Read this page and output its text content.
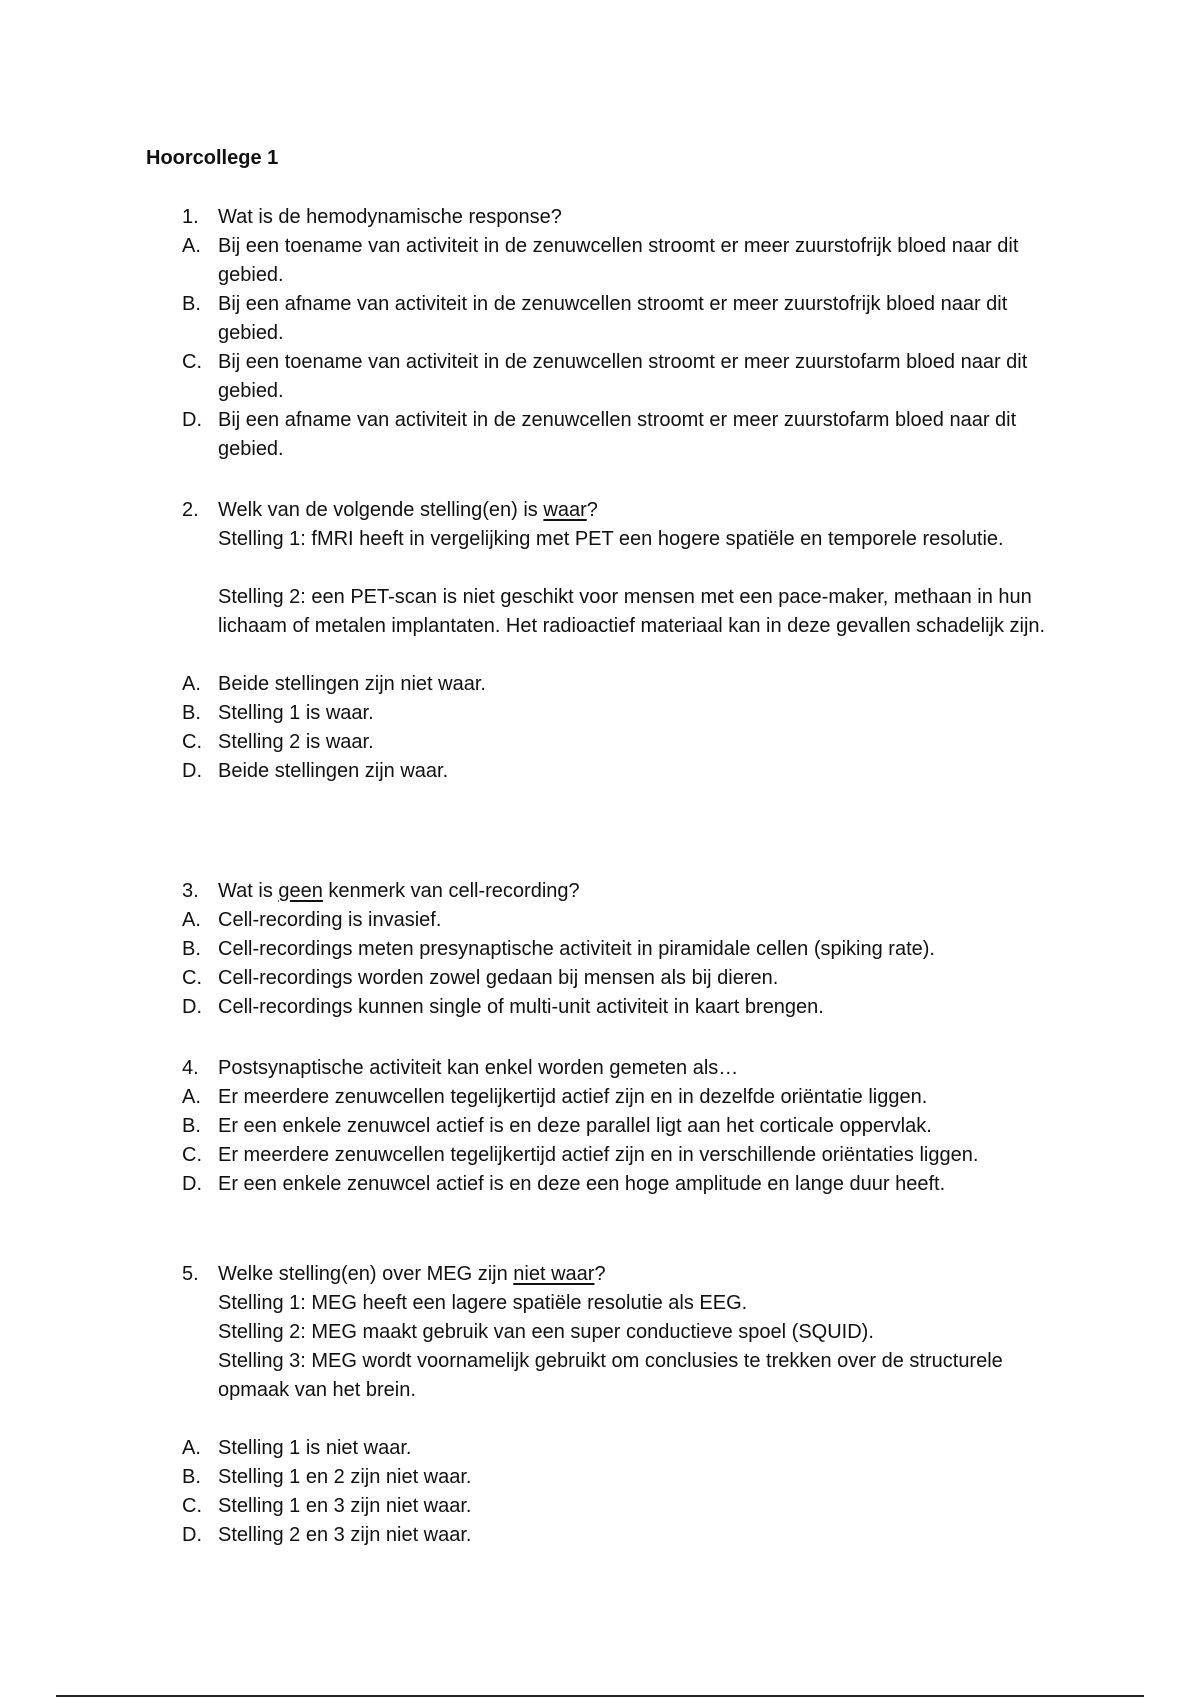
Hoorcollege 1
1. Wat is de hemodynamische response?
A. Bij een toename van activiteit in de zenuwcellen stroomt er meer zuurstofrijk bloed naar dit gebied.
B. Bij een afname van activiteit in de zenuwcellen stroomt er meer zuurstofrijk bloed naar dit gebied.
C. Bij een toename van activiteit in de zenuwcellen stroomt er meer zuurstofarm bloed naar dit gebied.
D. Bij een afname van activiteit in de zenuwcellen stroomt er meer zuurstofarm bloed naar dit gebied.
2. Welk van de volgende stelling(en) is waar?
Stelling 1: fMRI heeft in vergelijking met PET een hogere spatiële en temporele resolutie.
Stelling 2: een PET-scan is niet geschikt voor mensen met een pace-maker, methaan in hun lichaam of metalen implantaten. Het radioactief materiaal kan in deze gevallen schadelijk zijn.
A. Beide stellingen zijn niet waar.
B. Stelling 1 is waar.
C. Stelling 2 is waar.
D. Beide stellingen zijn waar.
3. Wat is geen kenmerk van cell-recording?
A. Cell-recording is invasief.
B. Cell-recordings meten presynaptische activiteit in piramidale cellen (spiking rate).
C. Cell-recordings worden zowel gedaan bij mensen als bij dieren.
D. Cell-recordings kunnen single of multi-unit activiteit in kaart brengen.
4. Postsynaptische activiteit kan enkel worden gemeten als…
A. Er meerdere zenuwcellen tegelijkertijd actief zijn en in dezelfde oriëntatie liggen.
B. Er een enkele zenuwcel actief is en deze parallel ligt aan het corticale oppervlak.
C. Er meerdere zenuwcellen tegelijkertijd actief zijn en in verschillende oriëntaties liggen.
D. Er een enkele zenuwcel actief is en deze een hoge amplitude en lange duur heeft.
5. Welke stelling(en) over MEG zijn niet waar?
Stelling 1: MEG heeft een lagere spatiële resolutie als EEG.
Stelling 2: MEG maakt gebruik van een super conductieve spoel (SQUID).
Stelling 3: MEG wordt voornamelijk gebruikt om conclusies te trekken over de structurele opmaak van het brein.
A. Stelling 1 is niet waar.
B. Stelling 1 en 2 zijn niet waar.
C. Stelling 1 en 3 zijn niet waar.
D. Stelling 2 en 3 zijn niet waar.
